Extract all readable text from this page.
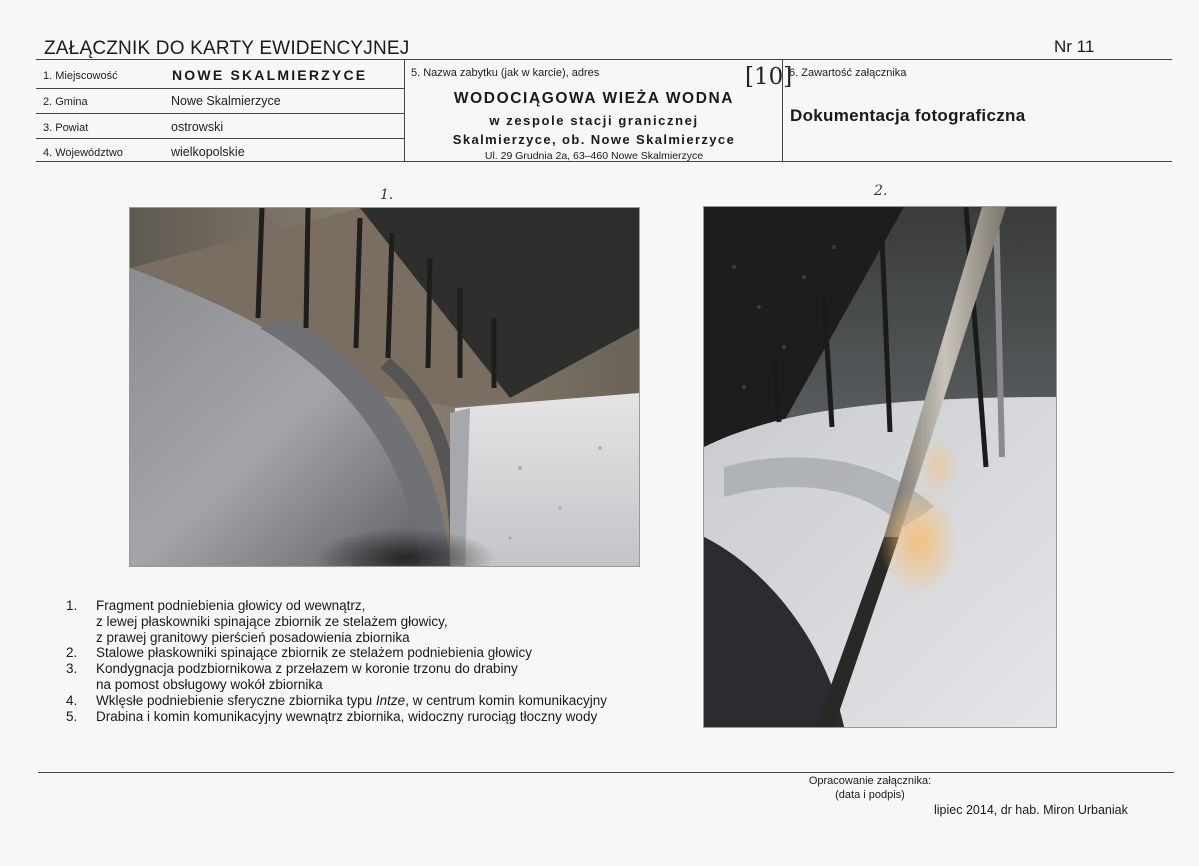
ZAŁĄCZNIK DO KARTY EWIDENCYJNEJ	Nr 11
1. Miejscowość	NOWE SKALMIERZYCE
2. Gmina	Nowe Skalmierzyce
3. Powiat	ostrowski
4. Województwo	wielkopolskie
5. Nazwa zabytku (jak w karcie), adres	[10]
WODOCIĄGOWA WIEŻA WODNA
w zespole stacji granicznej
Skalmierzyce, ob. Nowe Skalmierzyce
Ul. 29 Grudnia 2a, 63–460 Nowe Skalmierzyce
6. Zawartość załącznika
Dokumentacja fotograficzna
1.	2.
1.	Fragment podniebienia głowicy od wewnątrz,
z lewej płaskowniki spinające zbiornik ze stelażem głowicy,
z prawej granitowy pierścień posadowienia zbiornika
2.	Stalowe płaskowniki spinające zbiornik ze stelażem podniebienia głowicy
3.	Kondygnacja podzbiornikowa z przełazem w koronie trzonu do drabiny
na pomost obsługowy wokół zbiornika
4.	Wklęsłe podniebienie sferyczne zbiornika typu Intze, w centrum komin komunikacyjny
5.	Drabina i komin komunikacyjny wewnątrz zbiornika, widoczny rurociąg tłoczny wody
Opracowanie załącznika:
(data i podpis)
lipiec 2014, dr hab. Miron Urbaniak
